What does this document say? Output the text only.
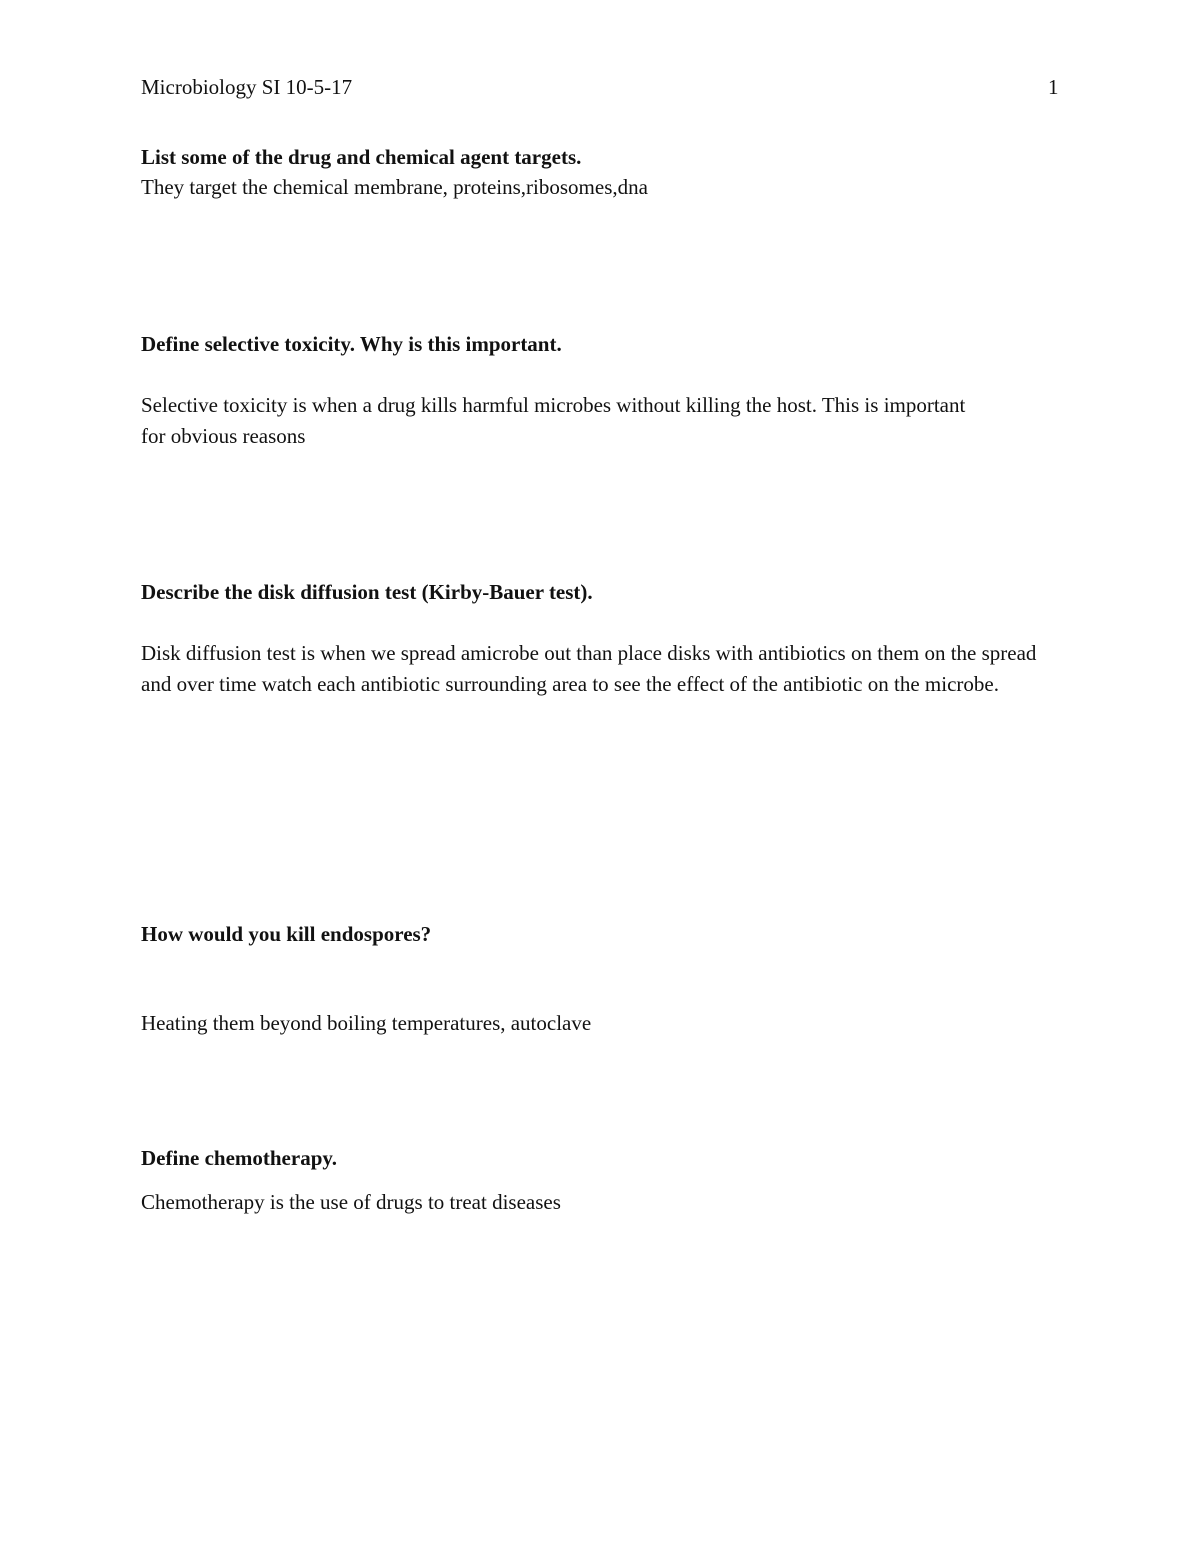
Microbiology SI 10-5-17	1
List some of the drug and chemical agent targets.
They target the chemical membrane, proteins,ribosomes,dna
Define selective toxicity. Why is this important.
Selective toxicity is when a drug kills harmful microbes without killing the host. This is important for obvious reasons
Describe the disk diffusion test (Kirby-Bauer test).
Disk diffusion test is when we spread amicrobe out than place disks with antibiotics on them on the spread and over time watch each antibiotic surrounding area to see the effect of the antibiotic on the microbe.
How would you kill endospores?
Heating them beyond boiling temperatures, autoclave
Define chemotherapy.
Chemotherapy is the use of drugs to treat diseases
